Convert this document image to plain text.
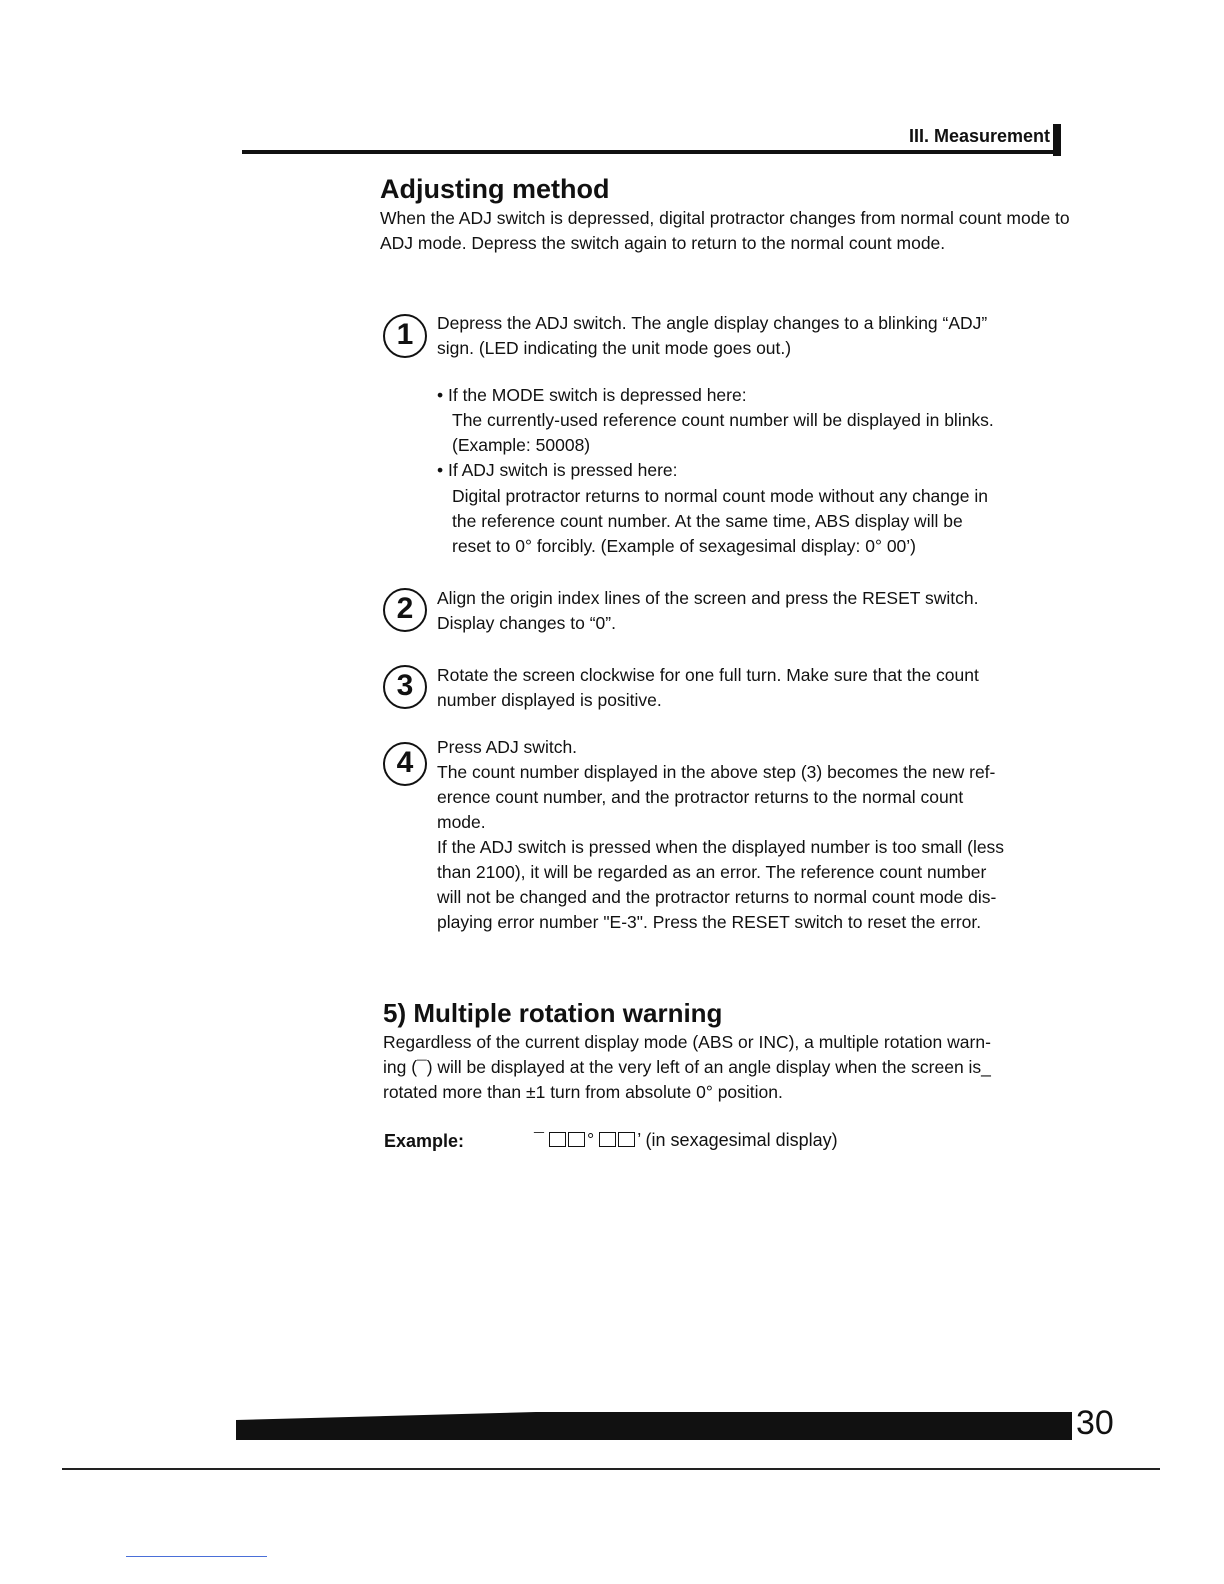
III. Measurement
Adjusting method
When the ADJ switch is depressed, digital protractor changes from normal count mode to ADJ mode. Depress the switch again to return to the normal count mode.
1	Depress the ADJ switch. The angle display changes to a blinking “ADJ”
sign. (LED indicating the unit mode goes out.)
• If the MODE switch is depressed here:
The currently-used reference count number will be displayed in blinks.
(Example: 50008)
• If ADJ switch is pressed here:
Digital protractor returns to normal count mode without any change in
the reference count number. At the same time, ABS display will be
reset to 0° forcibly. (Example of sexagesimal display: 0° 00’)
2	Align the origin index lines of the screen and press the RESET switch.
Display changes to “0”.
3	Rotate the screen clockwise for one full turn. Make sure that the count
number displayed is positive.
4	Press ADJ switch.
The count number displayed in the above step (3) becomes the new ref-
erence count number, and the protractor returns to the normal count
mode.
If the ADJ switch is pressed when the displayed number is too small (less
than 2100), it will be regarded as an error. The reference count number
will not be changed and the protractor returns to normal count mode dis-
playing error number "E-3". Press the RESET switch to reset the error.
5) Multiple rotation warning
Regardless of the current display mode (ABS or INC), a multiple rotation warn-
ing (¯) will be displayed at the very left of an angle display when the screen is_
rotated more than ±1 turn from absolute 0° position.
Example:	¯ ° ’ (in sexagesimal display)
30
